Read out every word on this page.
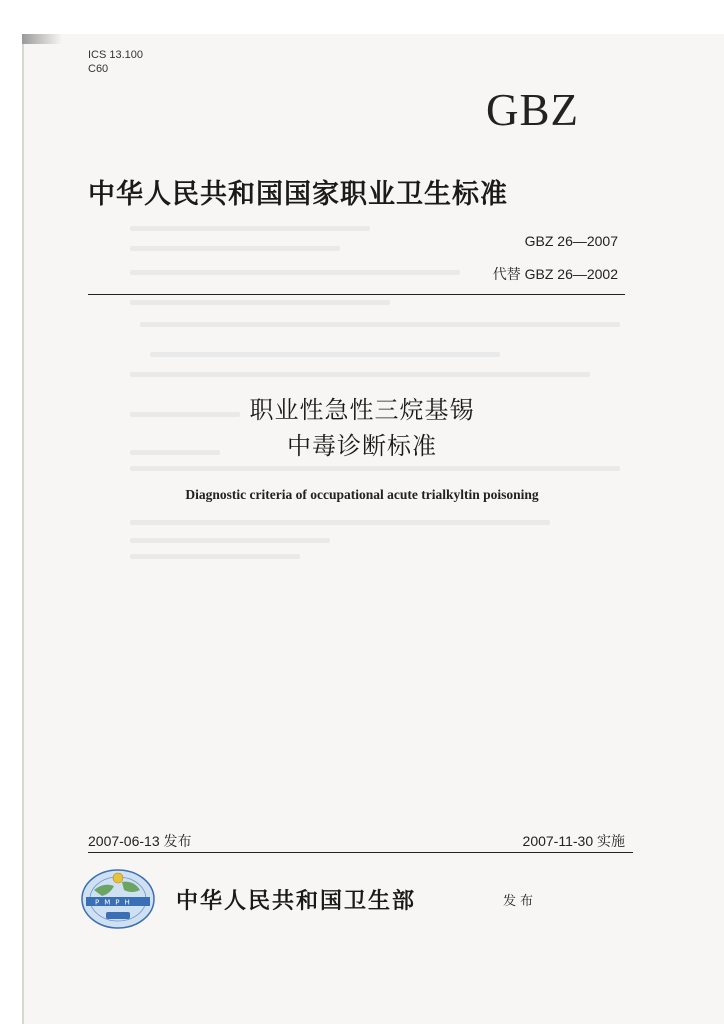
ICS 13.100
C60
GBZ
中华人民共和国国家职业卫生标准
GBZ 26—2007
代替 GBZ 26—2002
职业性急性三烷基锡
中毒诊断标准
Diagnostic criteria of occupational acute trialkyltin poisoning
2007-06-13 发布	2007-11-30 实施
PMPH 中华人民共和国卫生部	发布
